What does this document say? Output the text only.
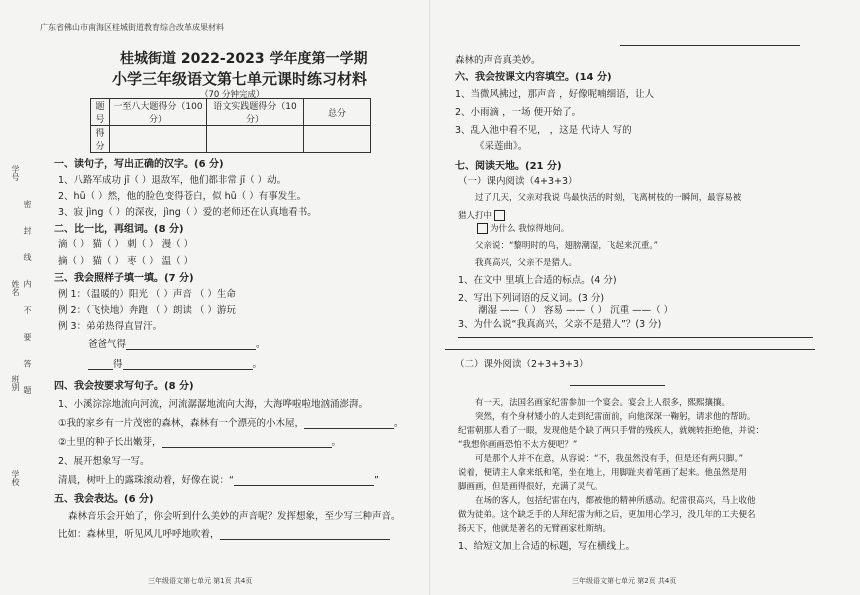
广东省佛山市南海区桂城街道教育综合改革成果材料
桂城街道 2022-2023 学年度第一学期
小学三年级语文第七单元课时练习材料
（70 分钟完成）
题号	一至八大题得分（100 分）	语文实践题得分（10 分）	总分
得分			
学号
姓名
班别
学校
密 封 线 内 不 要 答 题
一、读句子，写出正确的汉字。(6 分)
1、八路军成功 jī（ ）退敌军，他们都非常 jī（ ）动。
2、hū（ ）然，他的脸色变得苍白，似 hū（ ）有事发生。
3、寂 jìng（ ）的深夜，jìng（ ）爱的老师还在认真地看书。
二、比一比，再组词。(8 分)
滴（ ） 猫（ ） 刺（ ） 漫（ ）
摘（ ） 猫（ ） 枣（ ） 温（ ）
三、我会照样子填一填。(7 分)
例 1：（温暖的）阳光 （ ）声音 （ ）生命
例 2：（飞快地）奔跑 （ ）朗读 （ ）游玩
例 3：弟弟热得直冒汗。
爸爸气得	。
得	。
四、我会按要求写句子。(8 分)
1、小溪淙淙地流向河流，河流潺潺地流向大海，大海哗啦啦地汹涌澎湃。
①我的家乡有一片茂密的森林，森林有一个漂亮的小木屋，	。
②土里的种子长出嫩芽，	。
2、展开想象写一写。
清晨，树叶上的露珠滚动着，好像在说：“	”
五、我会表达。(6 分)
森林音乐会开始了，你会听到什么美妙的声音呢？发挥想象，至少写三种声音。
比如：森林里，听见风儿呼呼地吹着，
三年级语文第七单元 第1页 共4页
森林的声音真美妙。
六、我会按课文内容填空。(14 分)
1、当微风拂过，那声音 ，好像呢喃细语，让人
2、小雨滴 ，一场 便开始了。
3、乱入池中看不见， ，这是 代诗人 写的
《采莲曲》。
七、阅读天地。(21 分)
（一）课内阅读（4+3+3）
过了几天，父亲对我说 鸟最快活的时刻，飞离树枝的一瞬间，最容易被
猎人打中
为什么 我惊得地问。
父亲说：“黎明时的鸟，翅膀潮湿，飞起来沉重。”
我真高兴，父亲不是猎人。
1、在文中 里填上合适的标点。(4 分)
2、写出下列词语的反义词。(3 分)
潮湿 ——（ ） 容易 ——（ ） 沉重 ——（ ）
3、为什么说“我真高兴，父亲不是猎人”？(3 分)
（二）课外阅读（2+3+3+3）
有一天，法国名画家纪雷参加一个宴会。宴会上人很多，熙熙攘攘。
突然，有个身材矮小的人走到纪雷面前，向他深深一鞠躬，请求他的帮助。
纪雷朝那人看了一眼，发现他是个缺了两只手臂的残疾人，就婉转拒绝他，并说：
“我想你画画恐怕不太方便吧？”
可是那个人并不在意，从容说：“不，我虽然没有手，但是还有两只脚。”
说着，便请主人拿来纸和笔，坐在地上，用脚趾夹着笔画了起来。他虽然是用
脚画画，但是画得很好，充满了灵气。
在场的客人，包括纪雷在内，都被他的精神所感动。纪雷很高兴，马上收他
做为徒弟。这个缺乏手的人拜纪雷为师之后，更加用心学习，没几年的工夫便名
扬天下，他就是著名的无臂画家杜斯纳。
1、给短文加上合适的标题，写在横线上。
三年级语文第七单元 第2页 共4页
